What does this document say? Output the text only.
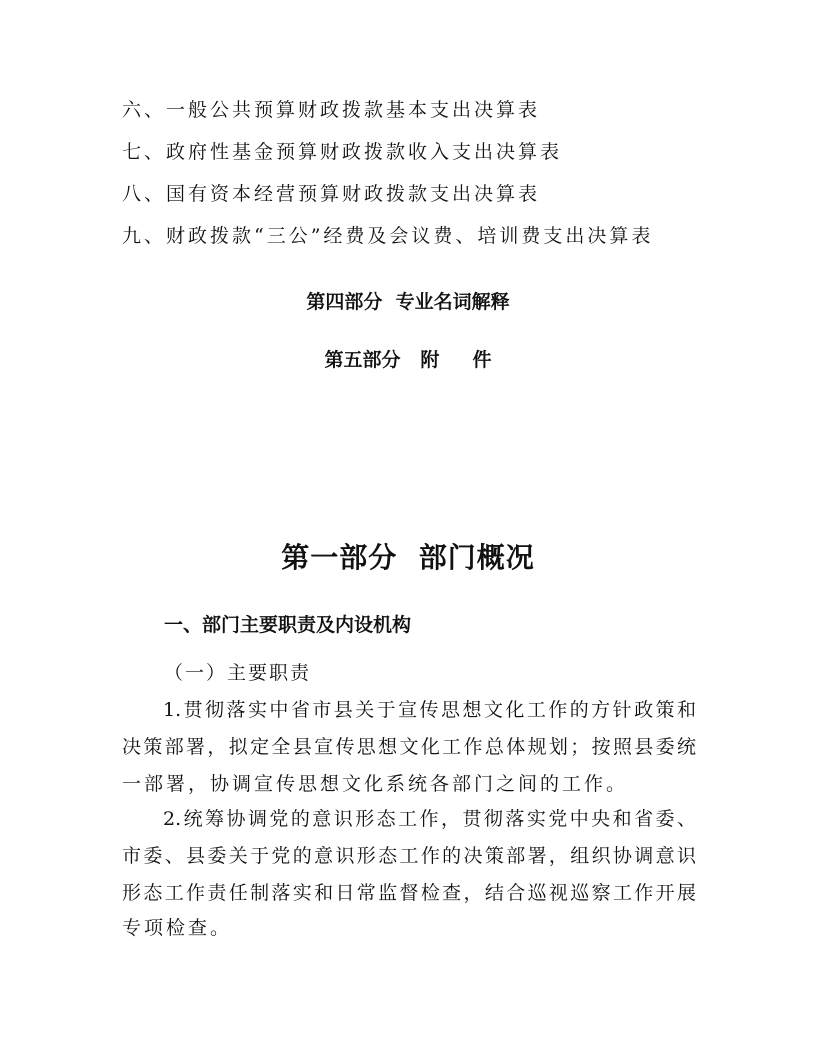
六、一般公共预算财政拨款基本支出决算表
七、政府性基金预算财政拨款收入支出决算表
八、国有资本经营预算财政拨款支出决算表
九、财政拨款“三公”经费及会议费、培训费支出决算表
第四部分  专业名词解释
第五部分   附     件
第一部分  部门概况
一、部门主要职责及内设机构
（一）主要职责
1.贯彻落实中省市县关于宣传思想文化工作的方针政策和
决策部署，拟定全县宣传思想文化工作总体规划；按照县委统
一部署，协调宣传思想文化系统各部门之间的工作。
2.统筹协调党的意识形态工作，贯彻落实党中央和省委、
市委、县委关于党的意识形态工作的决策部署，组织协调意识
形态工作责任制落实和日常监督检查，结合巡视巡察工作开展
专项检查。
